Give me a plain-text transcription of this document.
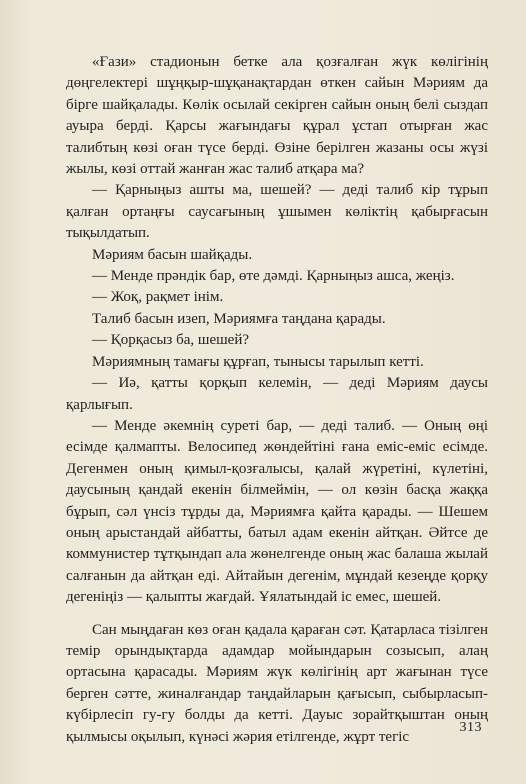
«Ғази» стадионын бетке ала қозғалған жүк көлігінің дөңгелектері шұңқыр-шұқанақтардан өткен сайын Мәриям да бірге шайқалады. Көлік осылай секірген сайын оның белі сыздап ауыра берді. Қарсы жағындағы құрал ұстап отырған жас талибтың көзі оған түсе берді. Өзіне берілген жазаны осы жүзі жылы, көзі оттай жанған жас талиб атқара ма?

— Қарныңыз ашты ма, шешей? — деді талиб кір тұрып қалған ортаңғы саусағының ұшымен көліктің қабырғасын тықылдатып.

Мәриям басын шайқады.

— Менде прәндік бар, өте дәмді. Қарныңыз ашса, жеңіз.

— Жоқ, рақмет інім.

Талиб басын изеп, Мәриямға таңдана қарады.

— Қорқасыз ба, шешей?

Мәриямның тамағы құрғап, тынысы тарылып кетті.

— Иә, қатты қорқып келемін, — деді Мәриям даусы қарлығып.

— Менде әкемнің суреті бар, — деді талиб. — Оның өңі есімде қалмапты. Велосипед жөндейтіні ғана еміс-еміс есімде. Дегенмен оның қимыл-қозғалысы, қалай жүретіні, күлетіні, даусының қандай екенін білмеймін, — ол көзін басқа жаққа бұрып, сәл үнсіз тұрды да, Мәриямға қайта қарады. — Шешем оның арыстандай айбатты, батыл адам екенін айтқан. Әйтсе де коммунистер тұтқындап ала жөнелгенде оның жас балаша жылай салғанын да айтқан еді. Айтайын дегенім, мұндай кезеңде қорқу дегеніңіз — қалыпты жағдай. Ұялатындай іс емес, шешей.

Сан мыңдаған көз оған қадала қараған сәт. Қатарласа тізілген темір орындықтарда адамдар мойындарын созысып, алаң ортасына қарасады. Мәриям жүк көлігінің арт жағынан түсе берген сәтте, жиналғандар таңдайларын қағысып, сыбырласып-күбірлесіп гу-гу болды да кетті. Дауыс зорайтқыштан оның қылмысы оқылып, күнәсі жәрия етілгенде, жұрт тегіс

313
